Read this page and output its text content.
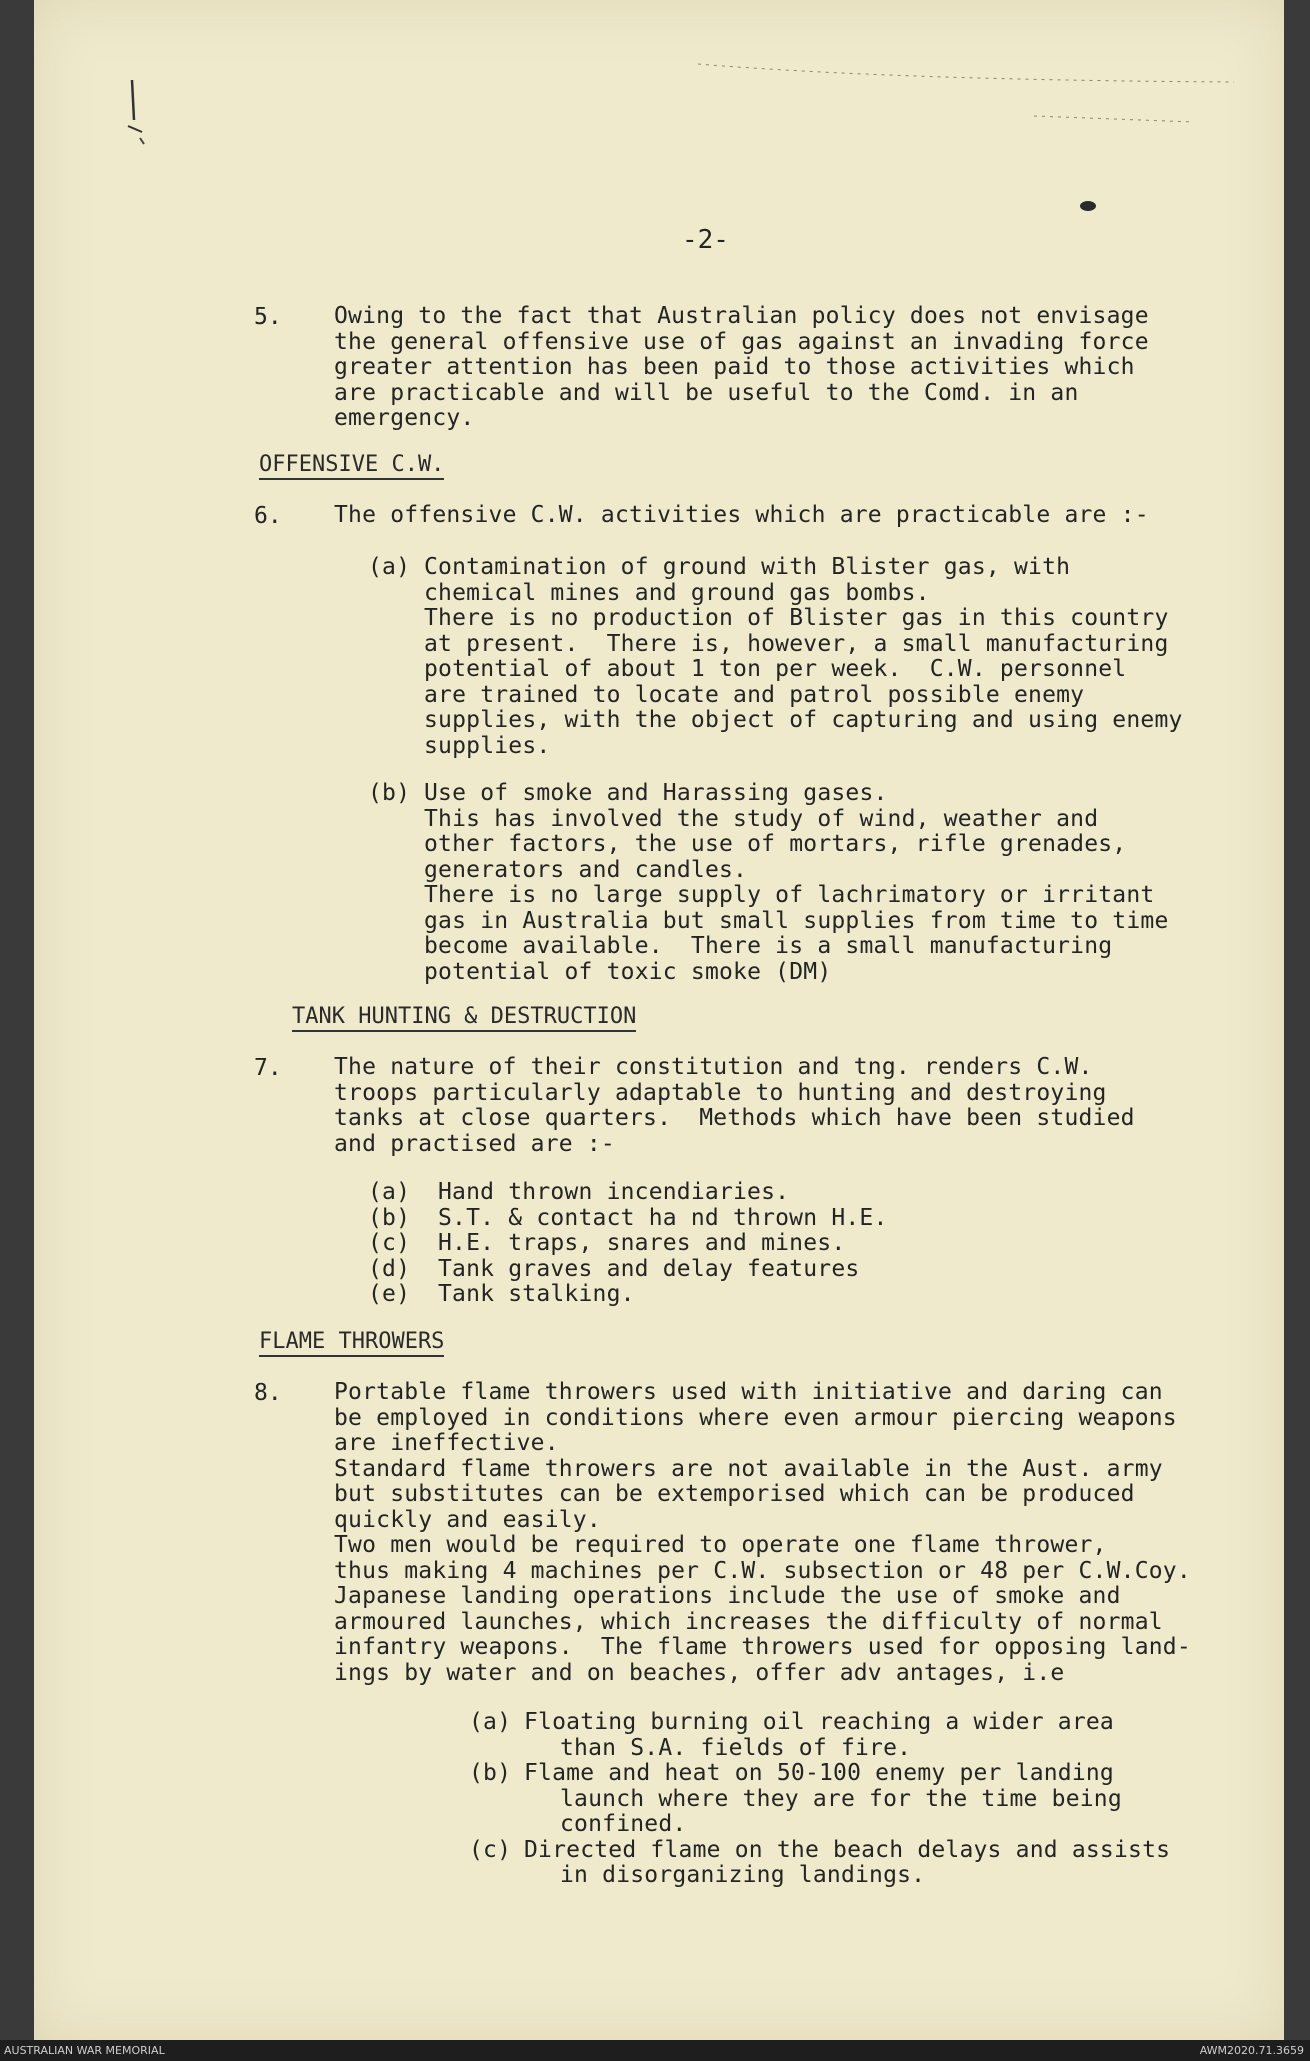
-2-
5. Owing to the fact that Australian policy does not envisage
the general offensive use of gas against an invading force
greater attention has been paid to those activities which
are practicable and will be useful to the Comd. in an
emergency.
OFFENSIVE C.W.
6. The offensive C.W. activities which are practicable are :-
(a) Contamination of ground with Blister gas, with
chemical mines and ground gas bombs.
There is no production of Blister gas in this country
at present.  There is, however, a small manufacturing
potential of about 1 ton per week.  C.W. personnel
are trained to locate and patrol possible enemy
supplies, with the object of capturing and using enemy
supplies.
(b) Use of smoke and Harassing gases.
This has involved the study of wind, weather and
other factors, the use of mortars, rifle grenades,
generators and candles.
There is no large supply of lachrimatory or irritant
gas in Australia but small supplies from time to time
become available.  There is a small manufacturing
potential of toxic smoke (DM)
TANK HUNTING & DESTRUCTION
7. The nature of their constitution and tng. renders C.W.
troops particularly adaptable to hunting and destroying
tanks at close quarters.  Methods which have been studied
and practised are :-
(a) Hand thrown incendiaries.
(b) S.T. & contact ha nd thrown H.E.
(c) H.E. traps, snares and mines.
(d) Tank graves and delay features
(e) Tank stalking.
FLAME THROWERS
8. Portable flame throwers used with initiative and daring can
be employed in conditions where even armour piercing weapons
are ineffective.
Standard flame throwers are not available in the Aust. army
but substitutes can be extemporised which can be produced
quickly and easily.
Two men would be required to operate one flame thrower,
thus making 4 machines per C.W. subsection or 48 per C.W.Coy.
Japanese landing operations include the use of smoke and
armoured launches, which increases the difficulty of normal
infantry weapons.  The flame throwers used for opposing land-
ings by water and on beaches, offer adv antages, i.e
(a) Floating burning oil reaching a wider area
than S.A. fields of fire.
(b) Flame and heat on 50-100 enemy per landing
launch where they are for the time being
confined.
(c) Directed flame on the beach delays and assists
in disorganizing landings.
AUSTRALIAN WAR MEMORIAL	AWM2020.71.3659
